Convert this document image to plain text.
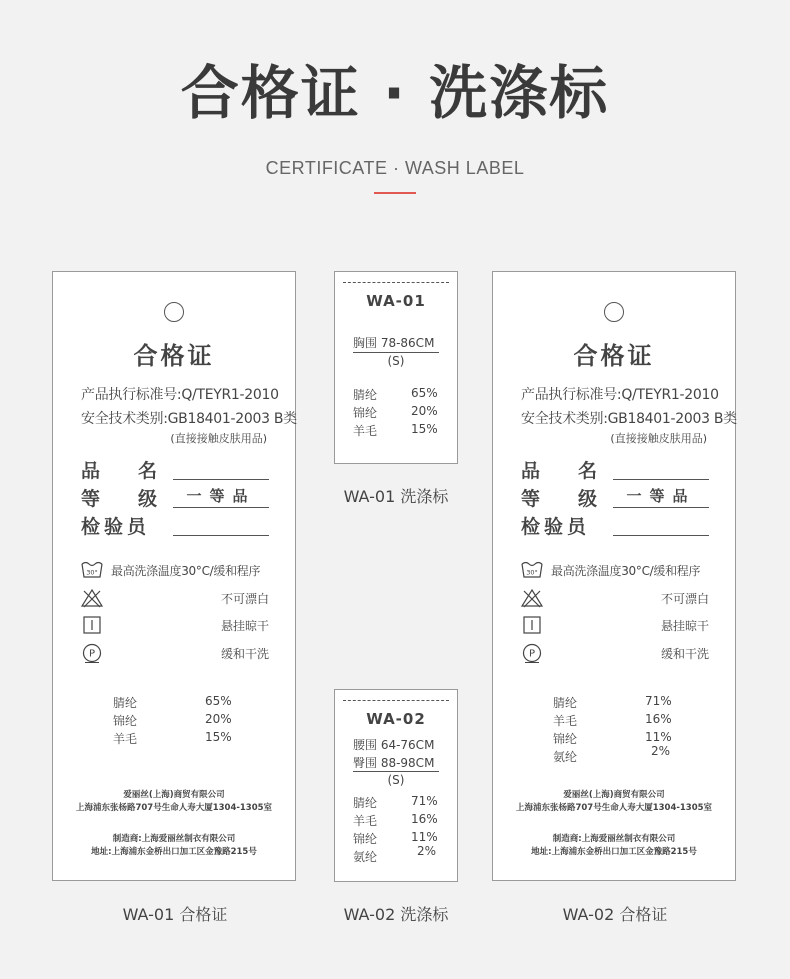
合格证 · 洗涤标
CERTIFICATE · WASH LABEL
合格证
产品执行标准号:Q/TEYR1-2010
安全技术类别:GB18401-2003 B类
(直接接触皮肤用品)
品　　名
等　　级	一等品
检验员
30° 最高洗涤温度30°C/缓和程序
不可漂白
悬挂晾干
P	缓和干洗
腈纶	65%
锦纶	20%
羊毛	15%
爱丽丝(上海)商贸有限公司
上海浦东张杨路707号生命人寿大厦1304-1305室
制造商:上海爱丽丝制衣有限公司
地址:上海浦东金桥出口加工区金豫路215号
WA-01 合格证
WA-01
胸围 78-86CM
(S)
腈纶	65%
锦纶	20%
羊毛	15%
WA-01 洗涤标
WA-02
腰围 64-76CM
臀围 88-98CM
(S)
腈纶	71%
羊毛	16%
锦纶	11%
氨纶	2%
WA-02 洗涤标
合格证
产品执行标准号:Q/TEYR1-2010
安全技术类别:GB18401-2003 B类
(直接接触皮肤用品)
品　　名
等　　级	一等品
检验员
30° 最高洗涤温度30°C/缓和程序
不可漂白
悬挂晾干
P	缓和干洗
腈纶	71%
羊毛	16%
锦纶	11%
氨纶	2%
爱丽丝(上海)商贸有限公司
上海浦东张杨路707号生命人寿大厦1304-1305室
制造商:上海爱丽丝制衣有限公司
地址:上海浦东金桥出口加工区金豫路215号
WA-02 合格证
